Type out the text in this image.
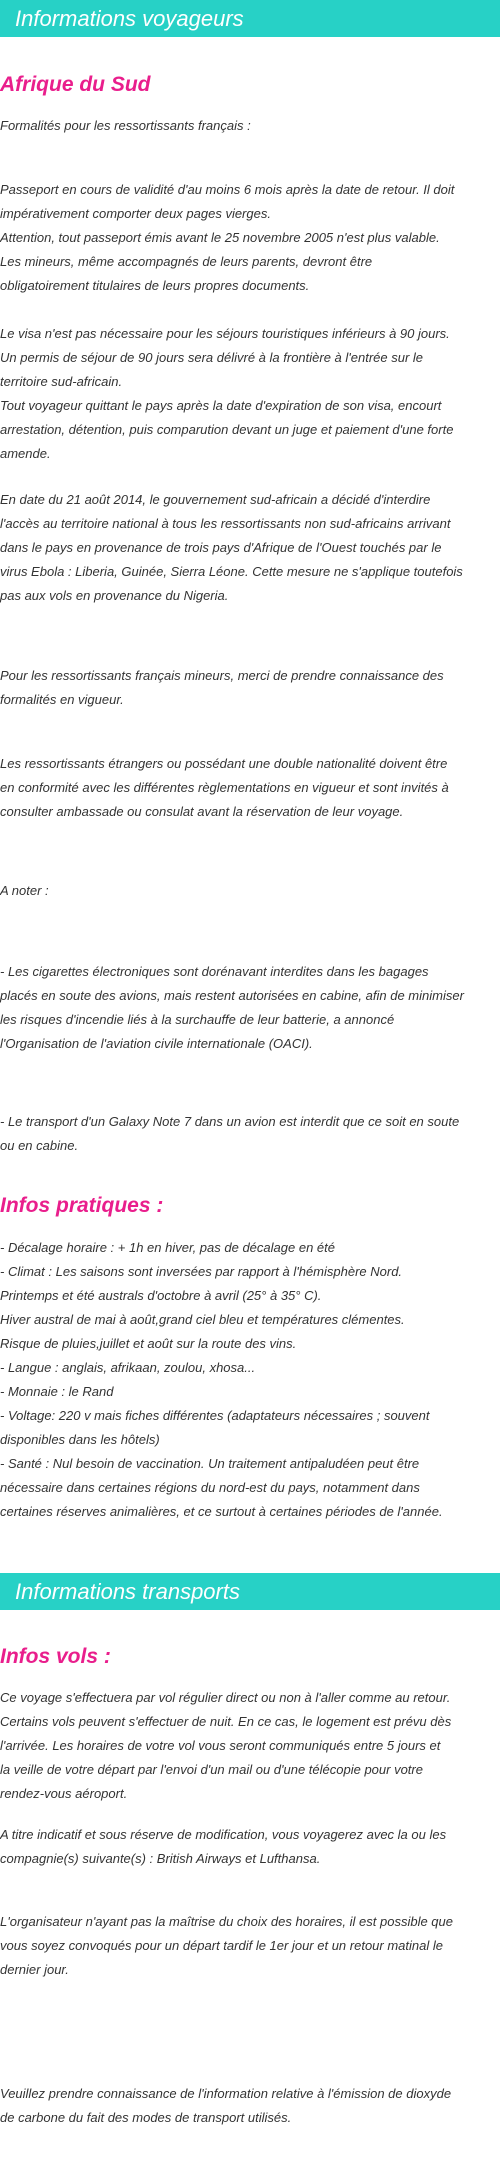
Informations voyageurs
Afrique du Sud

Formalités pour les ressortissants français :

Passeport en cours de validité d'au moins 6 mois après la date de retour. Il doit

impérativement comporter deux pages vierges.

Attention, tout passeport émis avant le 25 novembre 2005 n'est plus valable.

Les mineurs, même accompagnés de leurs parents, devront être

obligatoirement titulaires de leurs propres documents.

Le visa n'est pas nécessaire pour les séjours touristiques inférieurs à 90 jours.

Un permis de séjour de 90 jours sera délivré à la frontière à l'entrée sur le

territoire sud-africain.

Tout voyageur quittant le pays après la date d'expiration de son visa, encourt

arrestation, détention, puis comparution devant un juge et paiement d'une forte

amende.

En date du 21 août 2014, le gouvernement sud-africain a décidé d'interdire

l'accès au territoire national à tous les ressortissants non sud-africains arrivant

dans le pays en provenance de trois pays d'Afrique de l'Ouest touchés par le

virus Ebola : Liberia, Guinée, Sierra Léone. Cette mesure ne s'applique toutefois

pas aux vols en provenance du Nigeria.

Pour les ressortissants français mineurs, merci de prendre connaissance des

formalités en vigueur.

Les ressortissants étrangers ou possédant une double nationalité doivent être

en conformité avec les différentes règlementations en vigueur et sont invités à

consulter ambassade ou consulat avant la réservation de leur voyage.

A noter :

- Les cigarettes électroniques sont dorénavant interdites dans les bagages

placés en soute des avions, mais restent autorisées en cabine, afin de minimiser

les risques d'incendie liés à la surchauffe de leur batterie, a annoncé

l'Organisation de l'aviation civile internationale (OACI).

- Le transport d'un Galaxy Note 7 dans un avion est interdit que ce soit en soute

ou en cabine.

Infos pratiques :

- Décalage horaire : + 1h en hiver, pas de décalage en été

- Climat : Les saisons sont inversées par rapport à l'hémisphère Nord.

Printemps et été australs d'octobre à avril (25° à 35° C).

Hiver austral de mai à août,grand ciel bleu et températures clémentes.

Risque de pluies,juillet et août sur la route des vins.

- Langue : anglais, afrikaan, zoulou, xhosa...

- Monnaie : le Rand

- Voltage: 220 v mais fiches différentes (adaptateurs nécessaires ; souvent

disponibles dans les hôtels)

- Santé : Nul besoin de vaccination. Un traitement antipaludéen peut être

nécessaire dans certaines régions du nord-est du pays, notamment dans

certaines réserves animalières, et ce surtout à certaines périodes de l'année.

Informations transports
Infos vols :

Ce voyage s'effectuera par vol régulier direct ou non à l'aller comme au retour.

Certains vols peuvent s'effectuer de nuit. En ce cas, le logement est prévu dès

l'arrivée. Les horaires de votre vol vous seront communiqués entre 5 jours et

la veille de votre départ par l'envoi d'un mail ou d'une télécopie pour votre

rendez-vous aéroport.

A titre indicatif et sous réserve de modification, vous voyagerez avec la ou les

compagnie(s) suivante(s) : British Airways et Lufthansa.

L'organisateur n'ayant pas la maîtrise du choix des horaires, il est possible que

vous soyez convoqués pour un départ tardif le 1er jour et un retour matinal le

dernier jour.

Veuillez prendre connaissance de l'information relative à l'émission de dioxyde

de carbone du fait des modes de transport utilisés.
